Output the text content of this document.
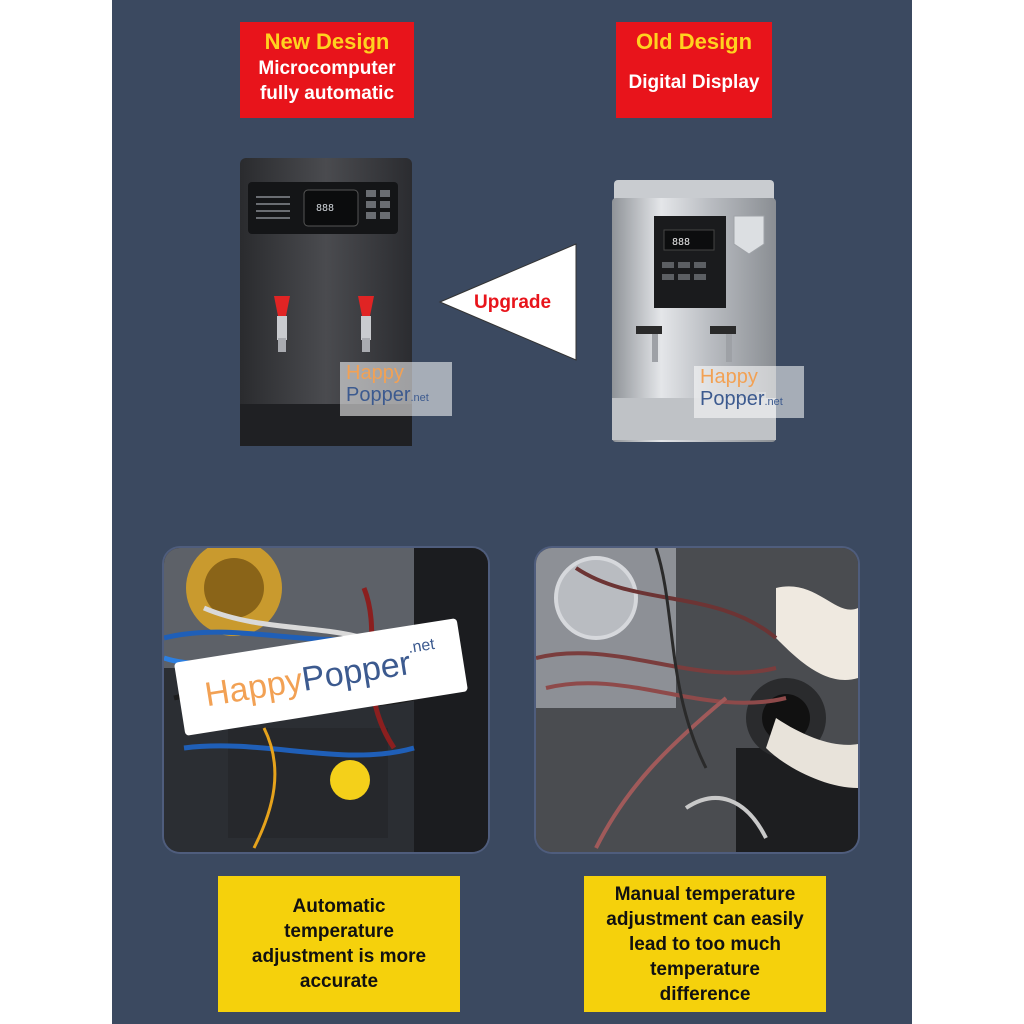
New Design
Microcomputer
fully automatic
Old Design
Digital Display
888
Happy
Popper.net
Upgrade
888
Happy
Popper.net
Happy
Popper
.net
Automatic
temperature
adjustment is more
accurate
Manual temperature
adjustment can easily
lead to too much
temperature
difference
